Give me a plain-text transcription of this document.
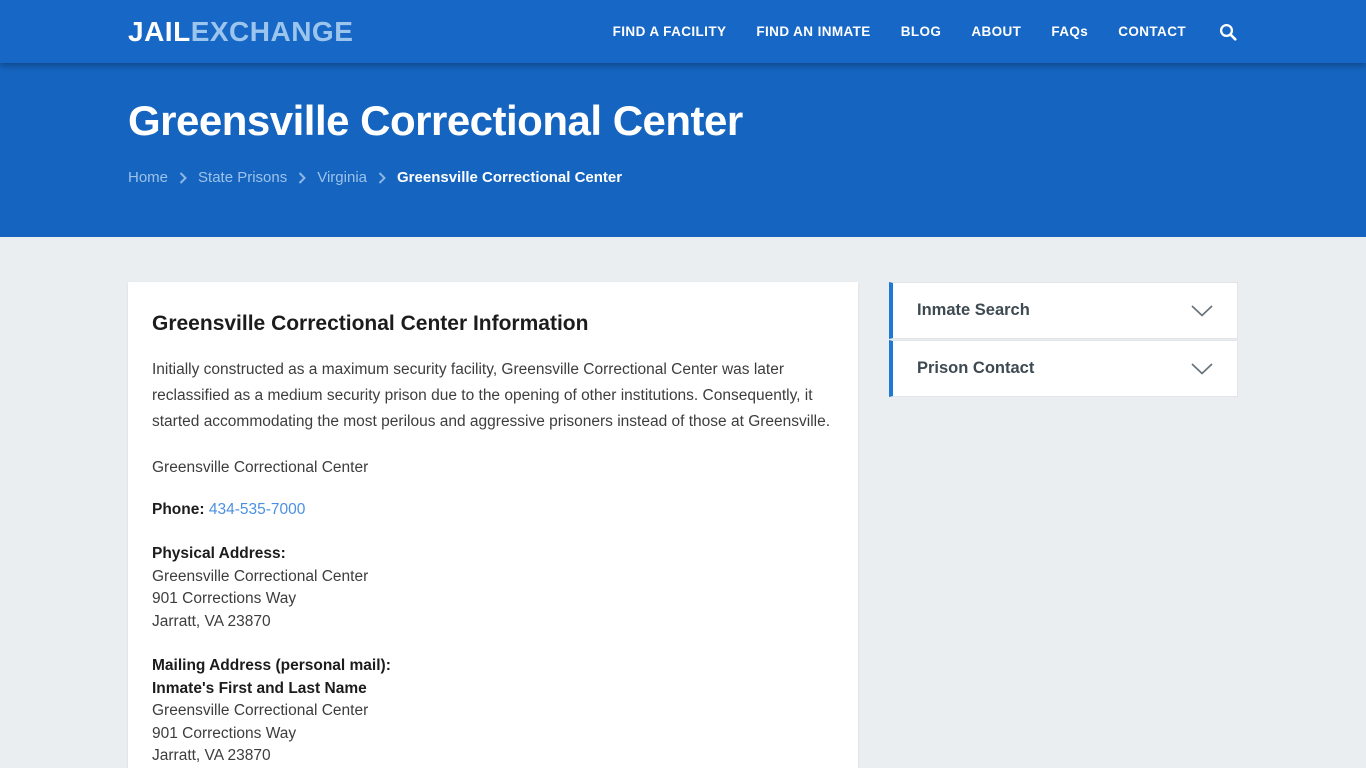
JAILEXCHANGE	FIND A FACILITY FIND AN INMATE BLOG ABOUT FAQs CONTACT
Greensville Correctional Center
Home State Prisons Virginia Greensville Correctional Center
Greensville Correctional Center Information

Initially constructed as a maximum security facility, Greensville Correctional Center was later reclassified as a medium security prison due to the opening of other institutions. Consequently, it started accommodating the most perilous and aggressive prisoners instead of those at Greensville.

Greensville Correctional Center

Phone: 434-535-7000

Physical Address:
Greensville Correctional Center
901 Corrections Way
Jarratt, VA 23870

Mailing Address (personal mail):
Inmate's First and Last Name
Greensville Correctional Center
901 Corrections Way
Jarratt, VA 23870

Inmate Search
Prison Contact
